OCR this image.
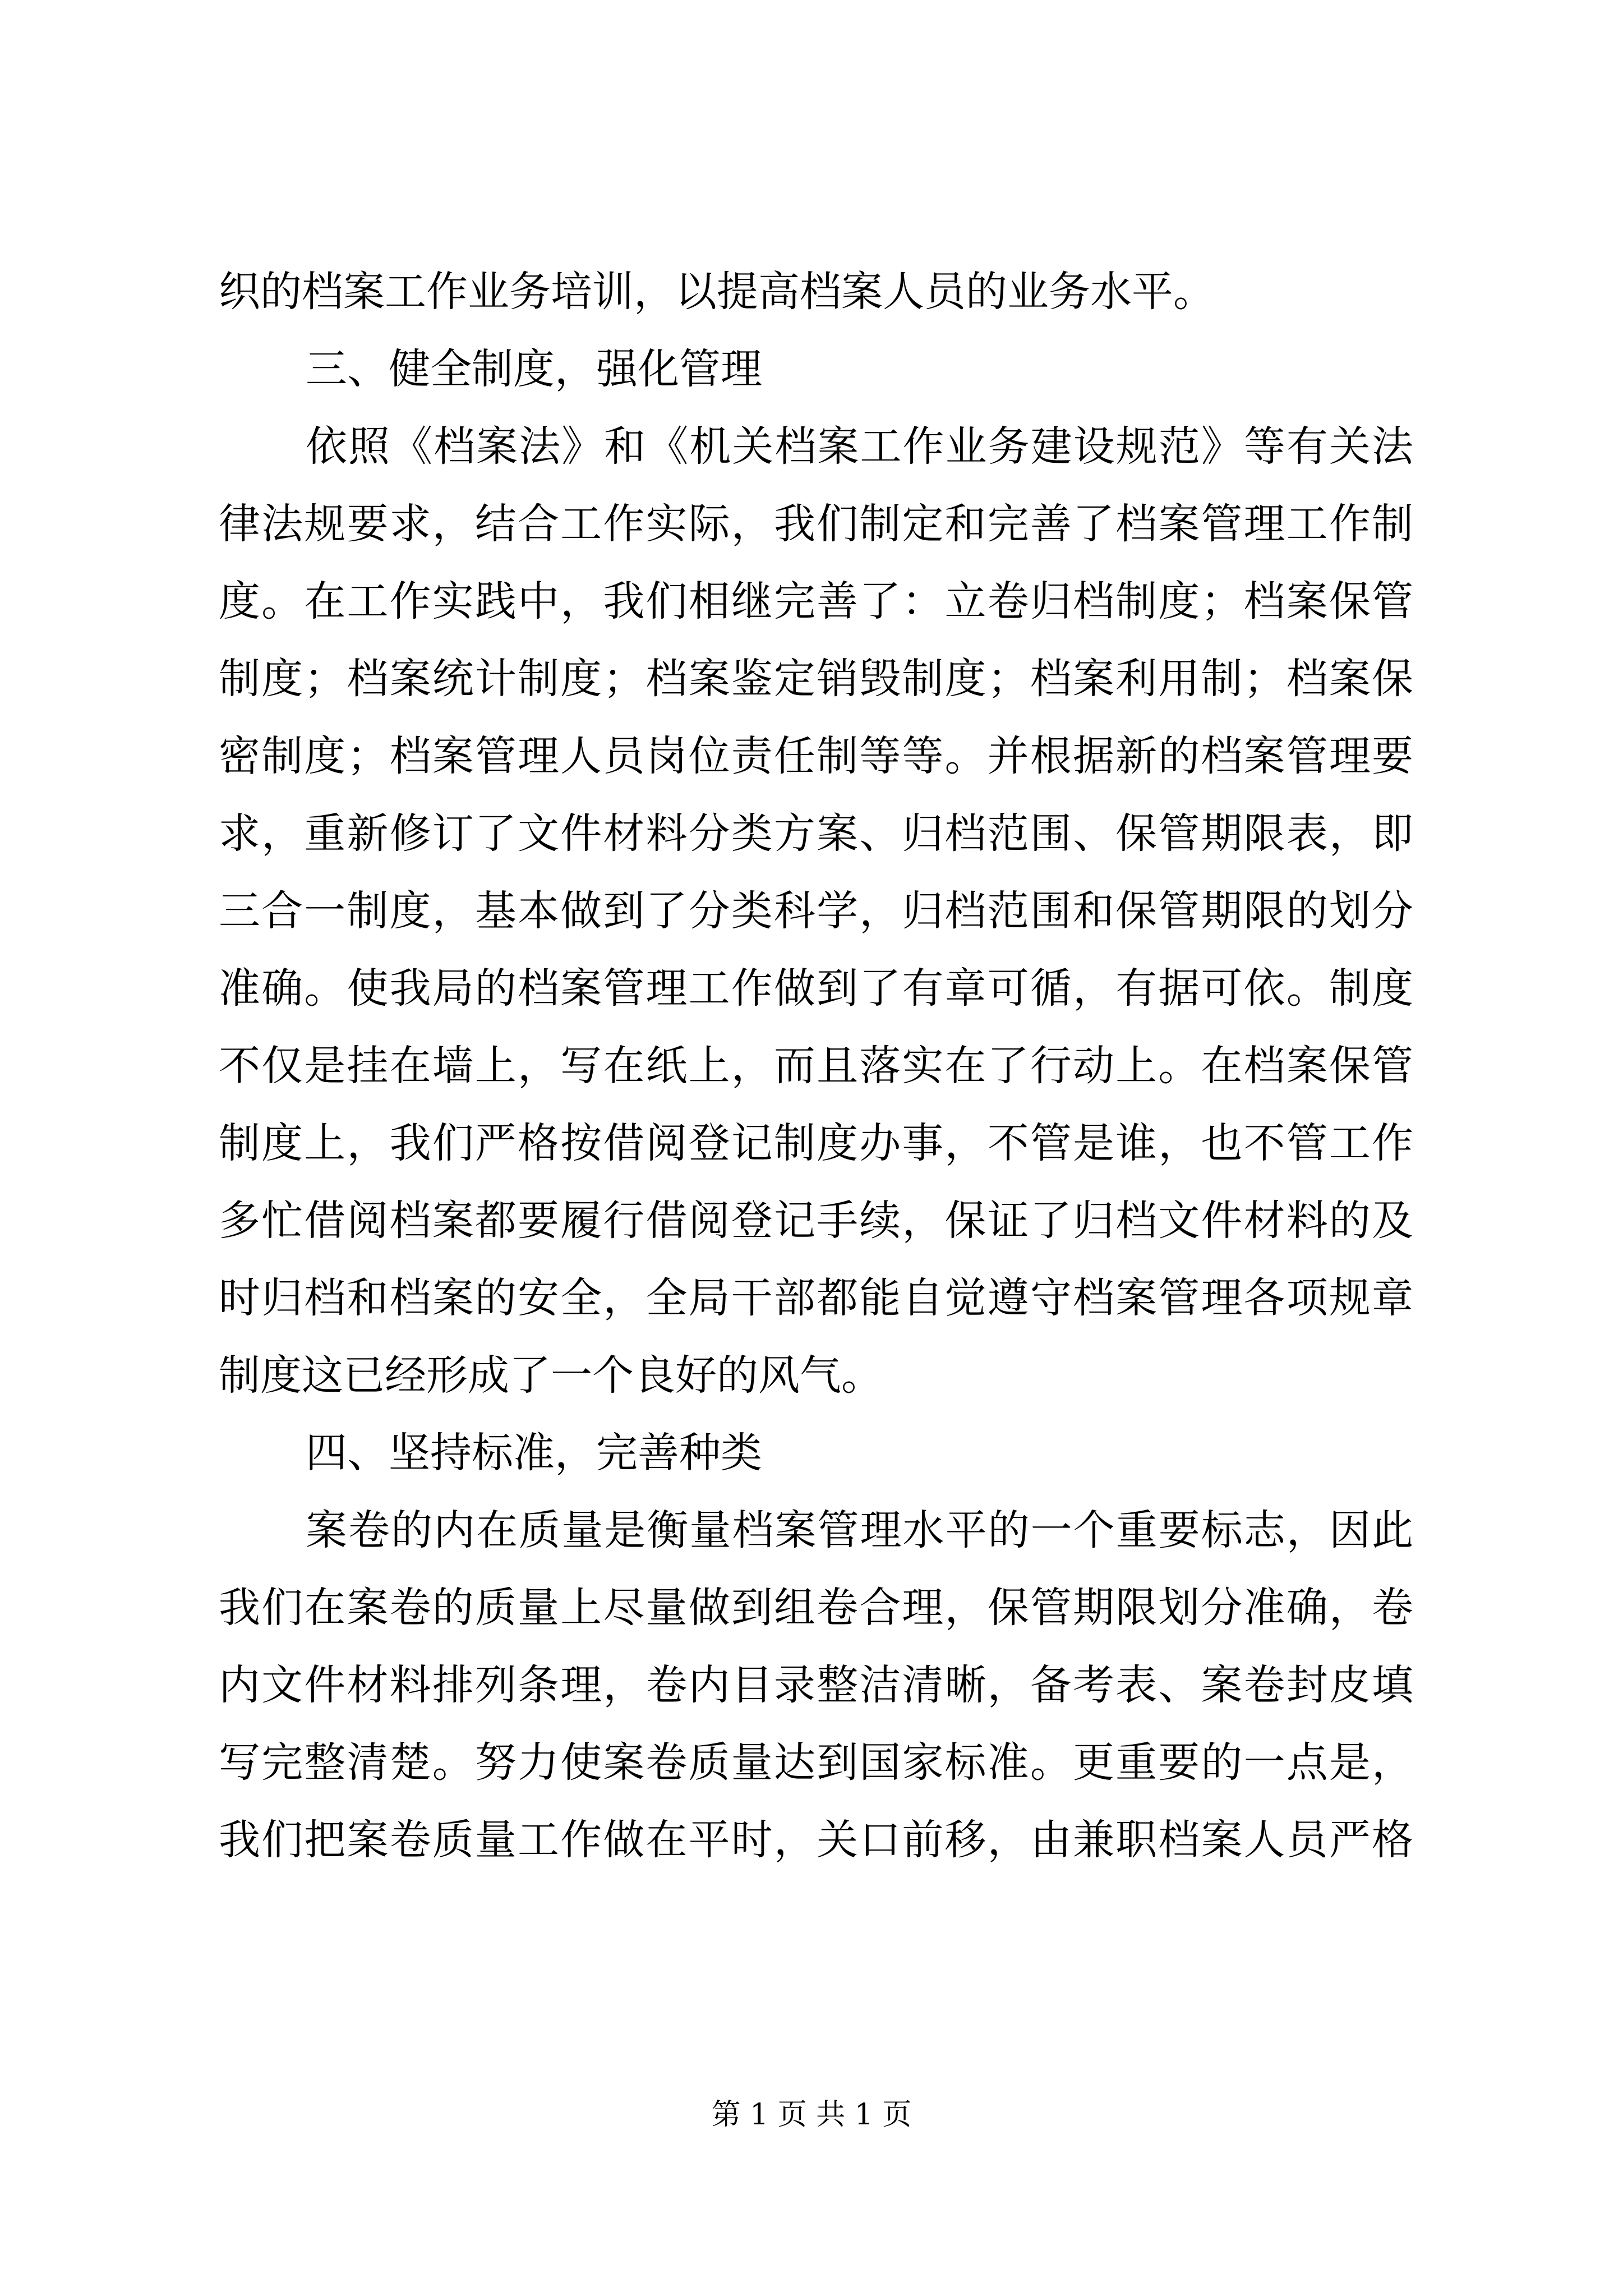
织的档案工作业务培训，以提高档案人员的业务水平。
三、健全制度，强化管理
依照《档案法》和《机关档案工作业务建设规范》等有关法
律法规要求，结合工作实际，我们制定和完善了档案管理工作制
度。在工作实践中，我们相继完善了：立卷归档制度；档案保管
制度；档案统计制度；档案鉴定销毁制度；档案利用制；档案保
密制度；档案管理人员岗位责任制等等。并根据新的档案管理要
求，重新修订了文件材料分类方案、归档范围、保管期限表，即
三合一制度，基本做到了分类科学，归档范围和保管期限的划分
准确。使我局的档案管理工作做到了有章可循，有据可依。制度
不仅是挂在墙上，写在纸上，而且落实在了行动上。在档案保管
制度上，我们严格按借阅登记制度办事，不管是谁，也不管工作
多忙借阅档案都要履行借阅登记手续，保证了归档文件材料的及
时归档和档案的安全，全局干部都能自觉遵守档案管理各项规章
制度这已经形成了一个良好的风气。
四、坚持标准，完善种类
案卷的内在质量是衡量档案管理水平的一个重要标志，因此
我们在案卷的质量上尽量做到组卷合理，保管期限划分准确，卷
内文件材料排列条理，卷内目录整洁清晰，备考表、案卷封皮填
写完整清楚。努力使案卷质量达到国家标准。更重要的一点是，
我们把案卷质量工作做在平时，关口前移，由兼职档案人员严格
第 1 页 共 1 页
